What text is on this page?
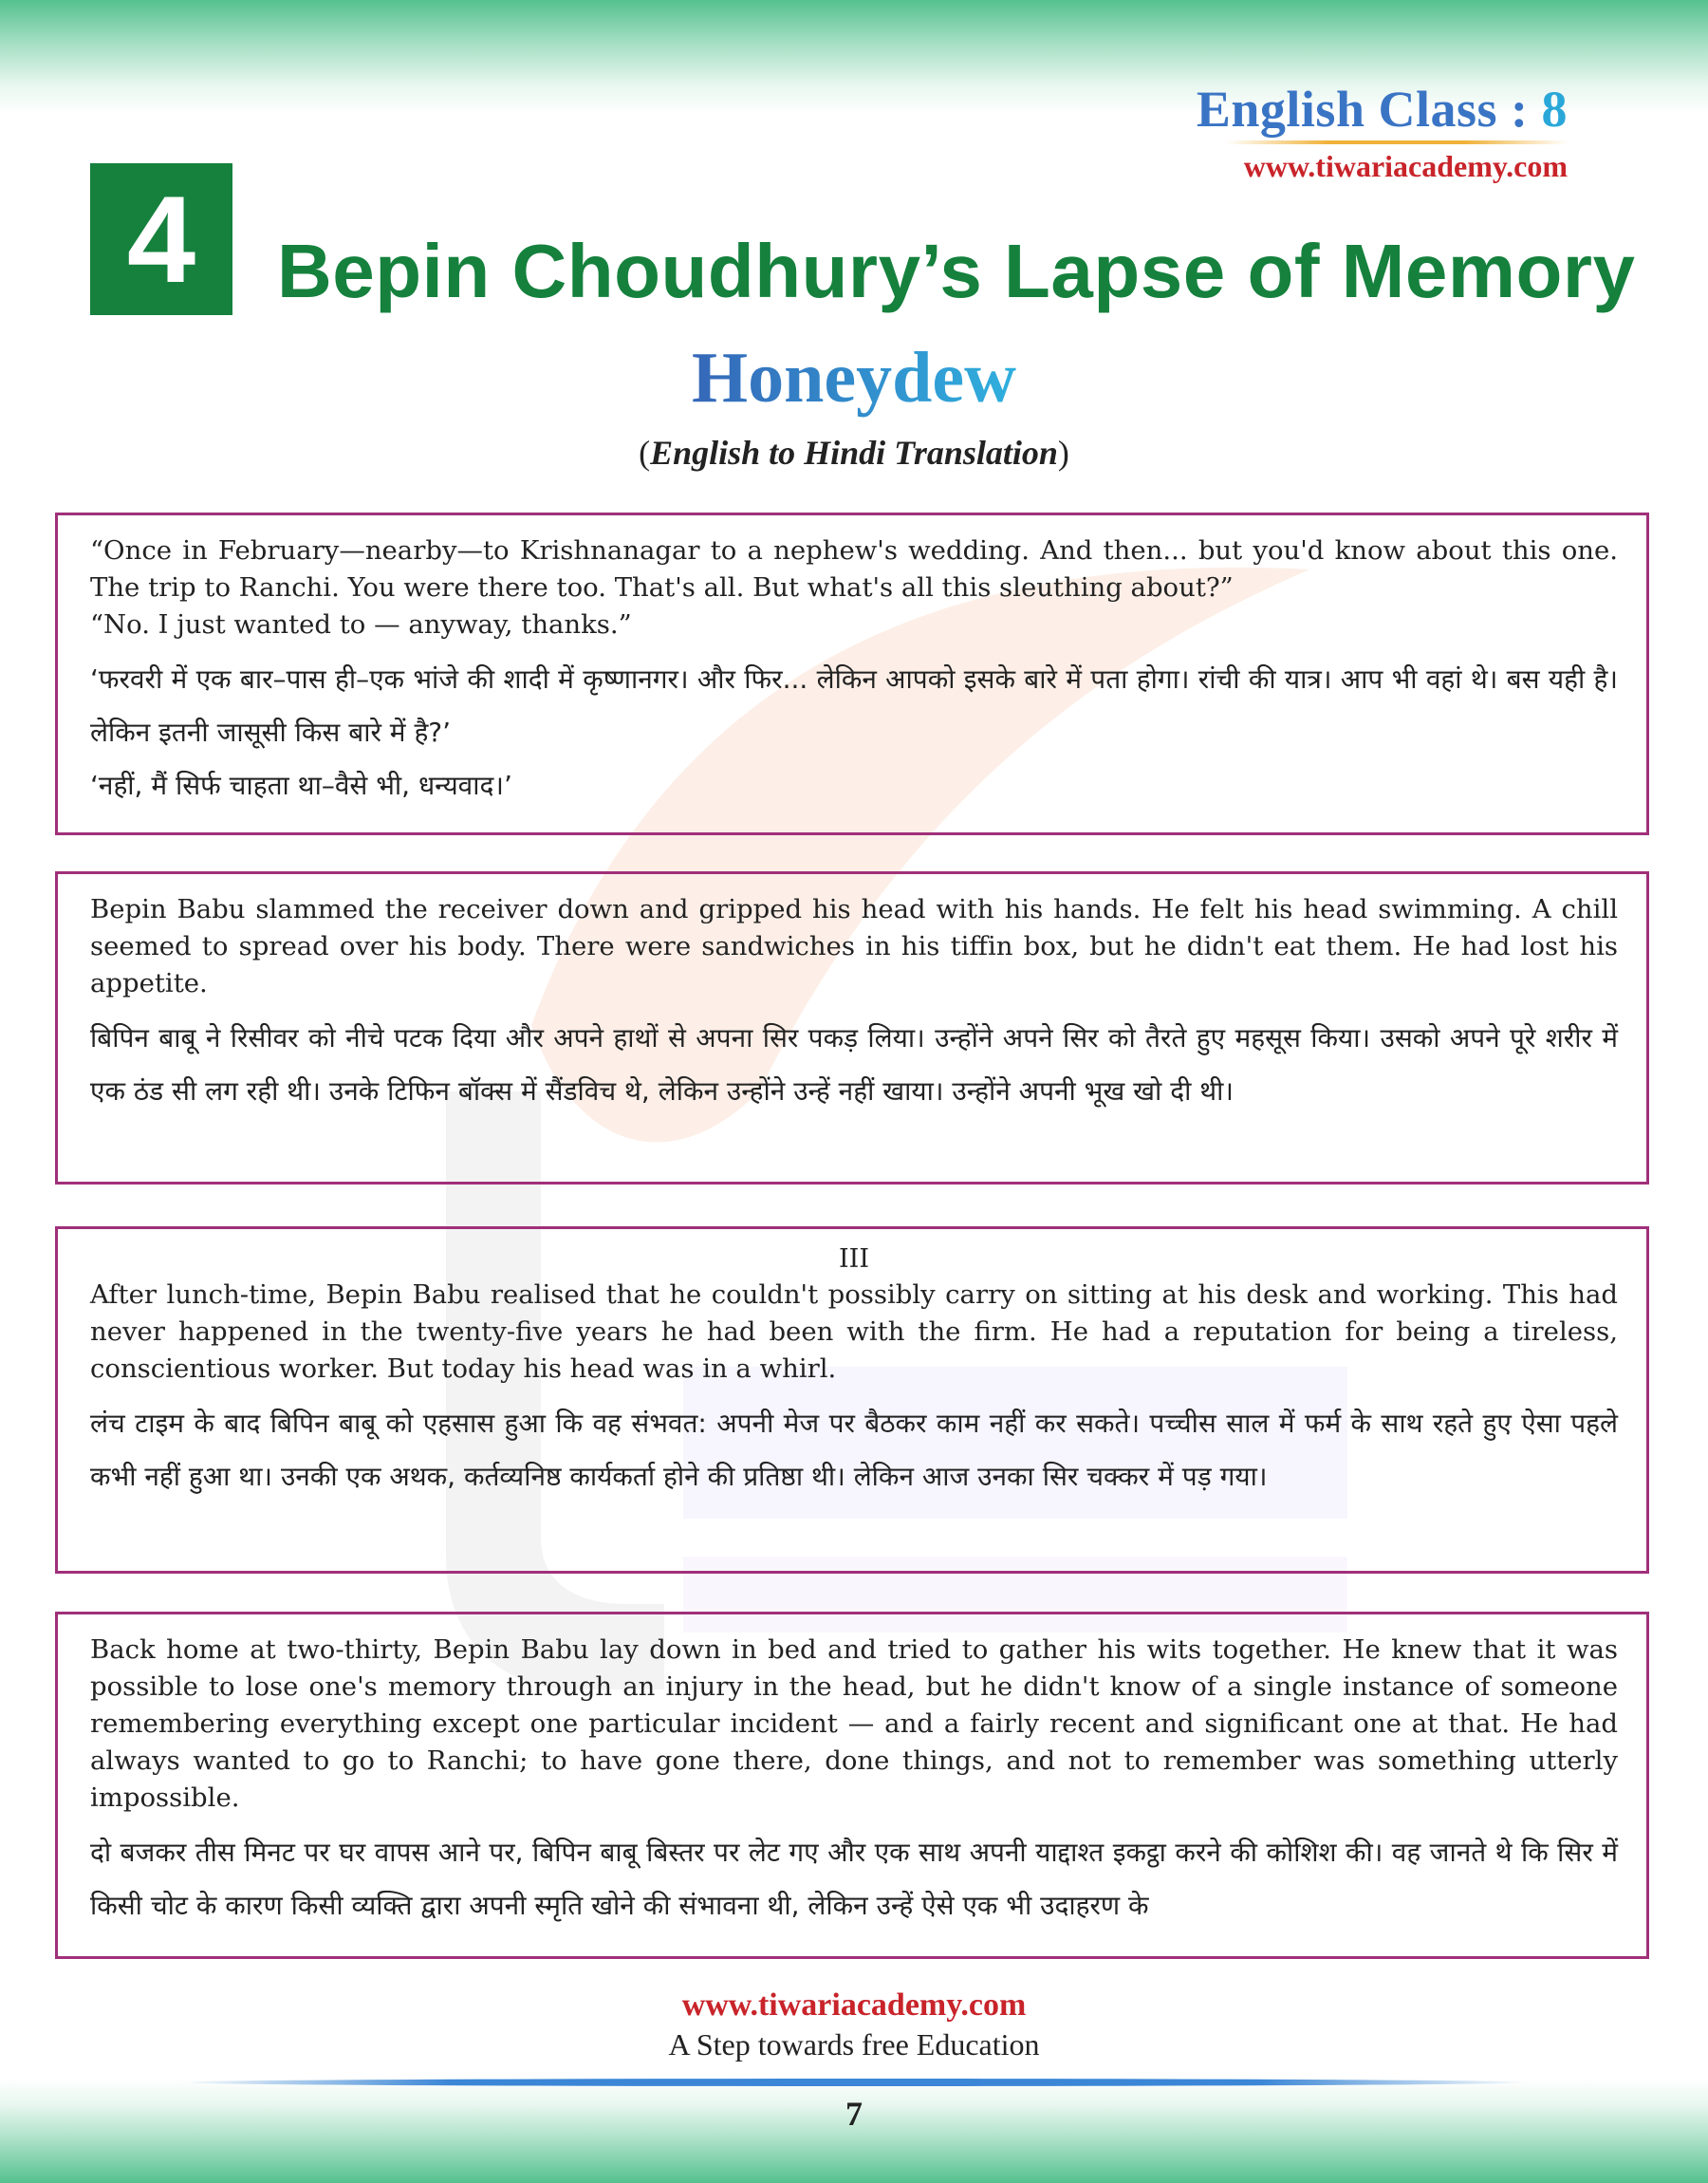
English Class : 8
www.tiwariacademy.com
4	Bepin Choudhury’s Lapse of Memory
Honeydew
(English to Hindi Translation)

“Once in February—nearby—to Krishnanagar to a nephew's wedding. And then... but you'd know about this one. The trip to Ranchi. You were there too. That's all. But what's all this sleuthing about?”

“No. I just wanted to — anyway, thanks.”

‘फरवरी में एक बार–पास ही–एक भांजे की शादी में कृष्णानगर। और फिर... लेकिन आपको इसके बारे में पता होगा। रांची की यात्र। आप भी वहां थे। बस यही है। लेकिन इतनी जासूसी किस बारे में है?’

‘नहीं, मैं सिर्फ चाहता था–वैसे भी, धन्यवाद।’

Bepin Babu slammed the receiver down and gripped his head with his hands. He felt his head swimming. A chill seemed to spread over his body. There were sandwiches in his tiffin box, but he didn't eat them. He had lost his appetite.

बिपिन बाबू ने रिसीवर को नीचे पटक दिया और अपने हाथों से अपना सिर पकड़ लिया। उन्होंने अपने सिर को तैरते हुए महसूस किया। उसको अपने पूरे शरीर में एक ठंड सी लग रही थी। उनके टिफिन बॉक्स में सैंडविच थे, लेकिन उन्होंने उन्हें नहीं खाया। उन्होंने अपनी भूख खो दी थी।

III

After lunch-time, Bepin Babu realised that he couldn't possibly carry on sitting at his desk and working. This had never happened in the twenty-five years he had been with the firm. He had a reputation for being a tireless, conscientious worker. But today his head was in a whirl.

लंच टाइम के बाद बिपिन बाबू को एहसास हुआ कि वह संभवत: अपनी मेज पर बैठकर काम नहीं कर सकते। पच्चीस साल में फर्म के साथ रहते हुए ऐसा पहले कभी नहीं हुआ था। उनकी एक अथक, कर्तव्यनिष्ठ कार्यकर्ता होने की प्रतिष्ठा थी। लेकिन आज उनका सिर चक्कर में पड़ गया।

Back home at two-thirty, Bepin Babu lay down in bed and tried to gather his wits together. He knew that it was possible to lose one's memory through an injury in the head, but he didn't know of a single instance of someone remembering everything except one particular incident — and a fairly recent and significant one at that. He had always wanted to go to Ranchi; to have gone there, done things, and not to remember was something utterly impossible.

दो बजकर तीस मिनट पर घर वापस आने पर, बिपिन बाबू बिस्तर पर लेट गए और एक साथ अपनी याद्दाश्त इकट्ठा करने की कोशिश की। वह जानते थे कि सिर में किसी चोट के कारण किसी व्यक्ति द्वारा अपनी स्मृति खोने की संभावना थी, लेकिन उन्हें ऐसे एक भी उदाहरण के

www.tiwariacademy.com
A Step towards free Education
7
